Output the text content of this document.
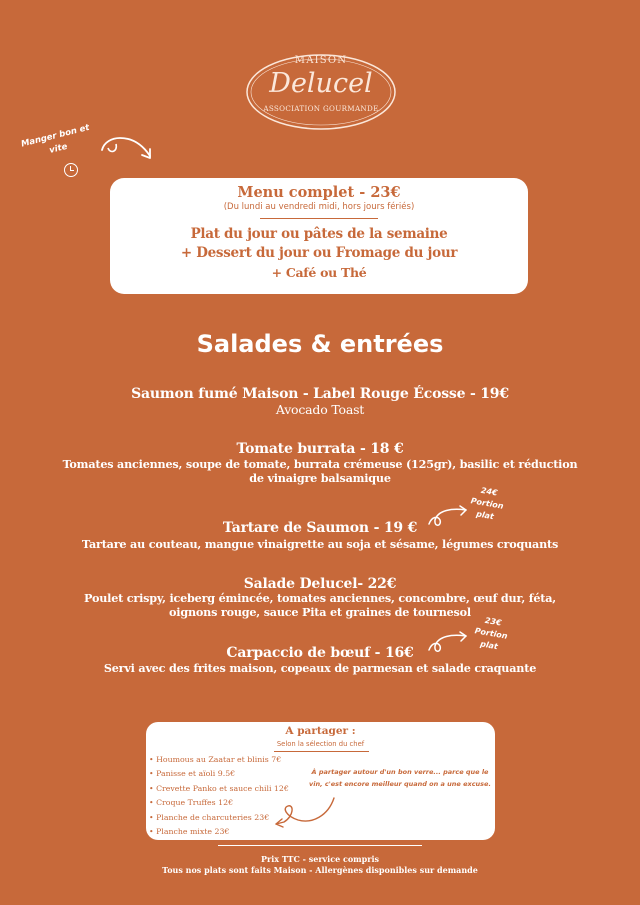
MAISON
Delucel
ASSOCIATION GOURMANDE
Manger bon et vite
Menu complet - 23€
(Du lundi au vendredi midi, hors jours fériés)
Plat du jour ou pâtes de la semaine
+ Dessert du jour ou Fromage du jour
+ Café ou Thé
Salades & entrées
Saumon fumé Maison - Label Rouge Écosse - 19€
Avocado Toast
Tomate burrata - 18 €
Tomates anciennes, soupe de tomate, burrata crémeuse (125gr), basilic et réduction de vinaigre balsamique
Tartare de Saumon - 19 €
Tartare au couteau, mangue vinaigrette au soja et sésame, légumes croquants
24€
Portion
plat
Salade Delucel- 22€
Poulet crispy, iceberg émincée, tomates anciennes, concombre, œuf dur, féta, oignons rouge, sauce Pita et graines de tournesol
Carpaccio de bœuf - 16€
Servi avec des frites maison, copeaux de parmesan et salade craquante
23€
Portion
plat
A partager :
Selon la sélection du chef
• Houmous au Zaatar et blinis 7€
• Panisse et aïoli 9.5€
• Crevette Panko et sauce chili 12€
• Croque Truffes 12€
• Planche de charcuteries 23€
• Planche mixte 23€
À partager autour d'un bon verre... parce que le vin, c'est encore meilleur quand on a une excuse.
Prix TTC - service compris
Tous nos plats sont faits Maison - Allergènes disponibles sur demande
